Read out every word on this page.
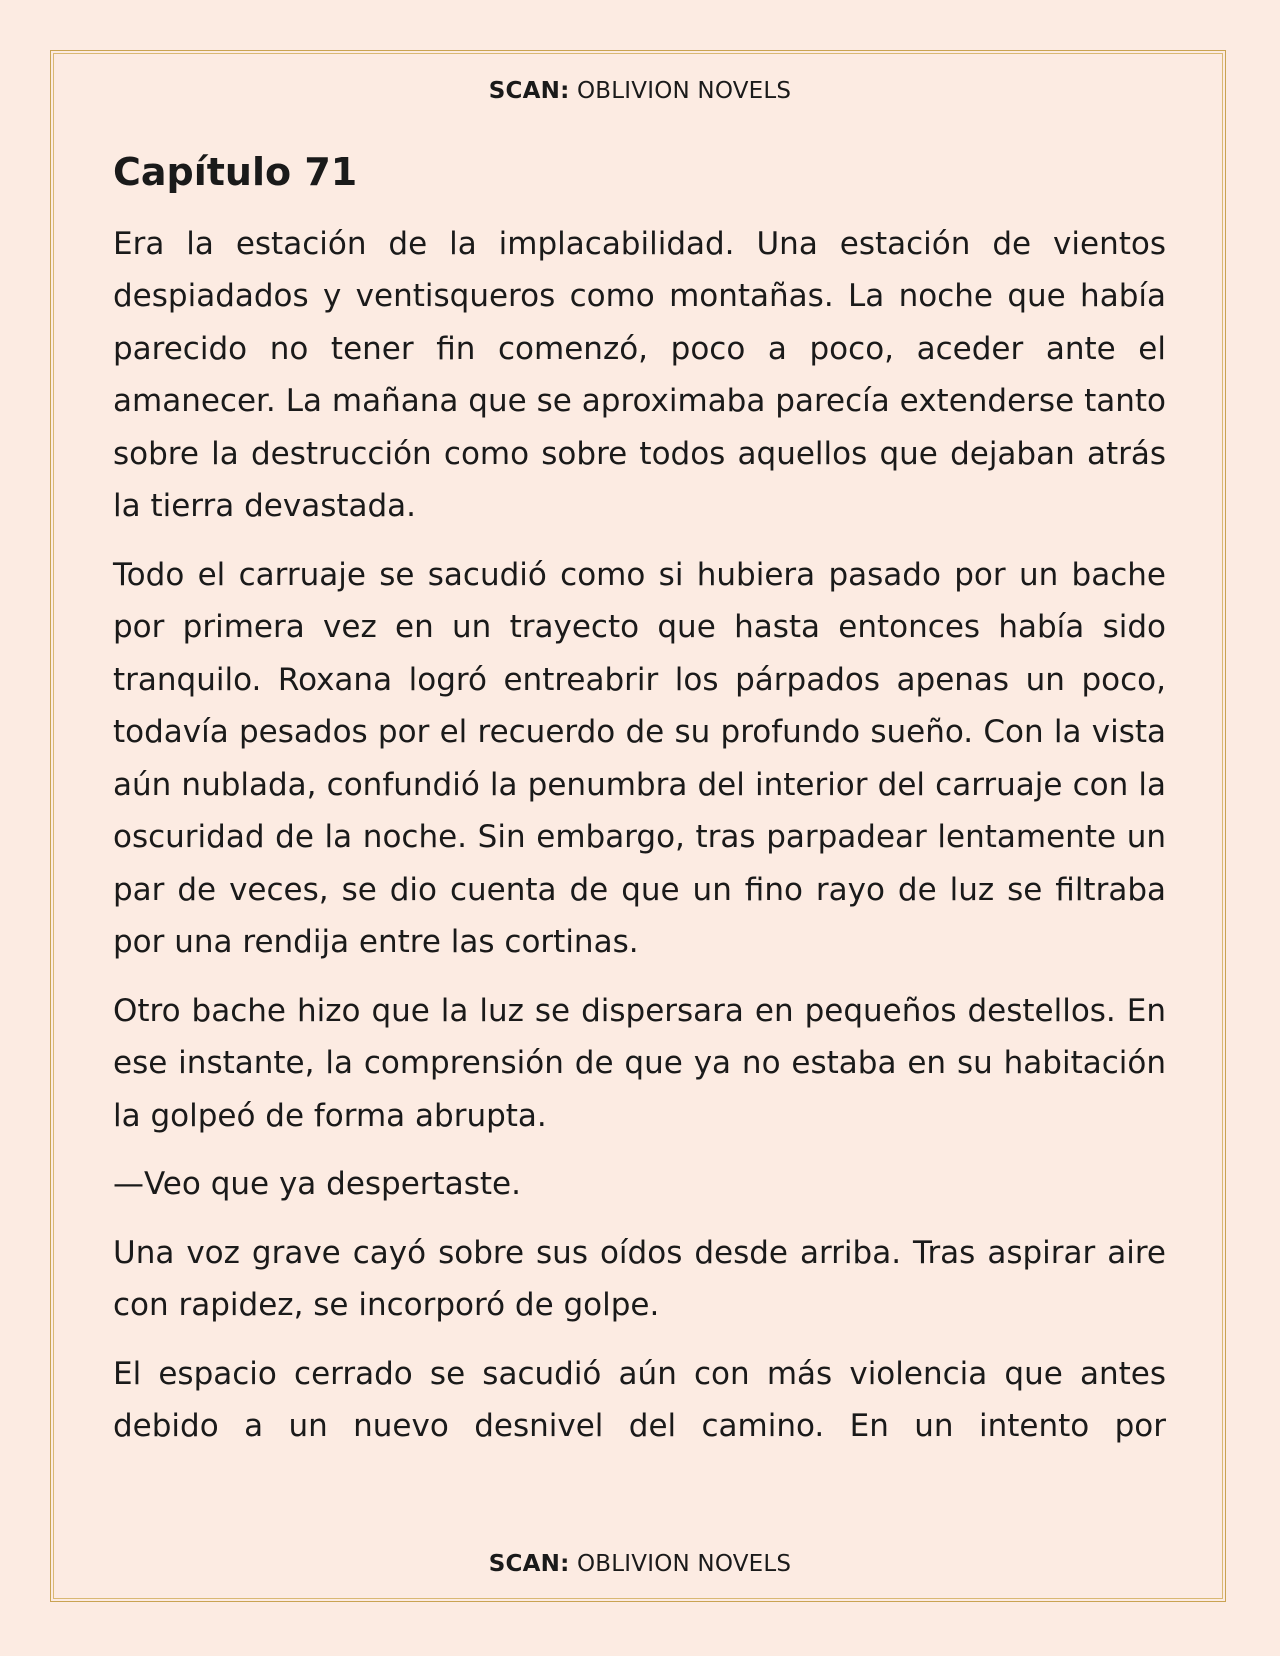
SCAN: OBLIVION NOVELS
Capítulo 71

Era la estación de la implacabilidad. Una estación de vientos despiadados y ventisqueros como montañas. La noche que había parecido no tener fin comenzó, poco a poco, aceder ante el amanecer. La mañana que se aproximaba parecía extenderse tanto sobre la destrucción como sobre todos aquellos que dejaban atrás la tierra devastada.

Todo el carruaje se sacudió como si hubiera pasado por un bache por primera vez en un trayecto que hasta entonces había sido tranquilo. Roxana logró entreabrir los párpados apenas un poco, todavía pesados por el recuerdo de su profundo sueño. Con la vista aún nublada, confundió la penumbra del interior del carruaje con la oscuridad de la noche. Sin embargo, tras parpadear lentamente un par de veces, se dio cuenta de que un fino rayo de luz se filtraba por una rendija entre las cortinas.

Otro bache hizo que la luz se dispersara en pequeños destellos. En ese instante, la comprensión de que ya no estaba en su habitación la golpeó de forma abrupta.

—Veo que ya despertaste.

Una voz grave cayó sobre sus oídos desde arriba. Tras aspirar aire con rapidez, se incorporó de golpe.

El espacio cerrado se sacudió aún con más violencia que antes debido a un nuevo desnivel del camino. En un intento por

SCAN: OBLIVION NOVELS
